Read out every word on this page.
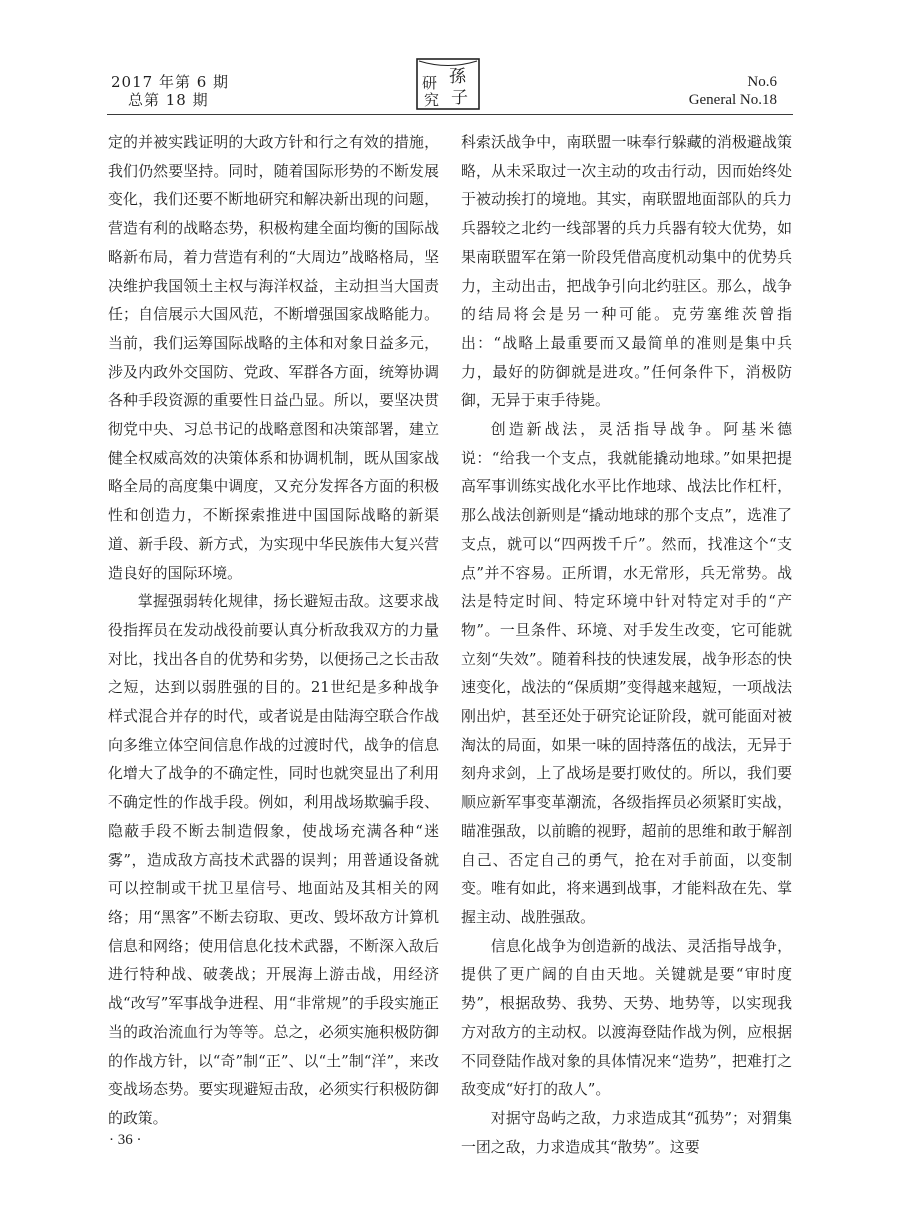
2017 年第 6 期
总第 18 期
研
究
孫
子
No.6
General No.18

定的并被实践证明的大政方针和行之有效的措施，我们仍然要坚持。同时，随着国际形势的不断发展变化，我们还要不断地研究和解决新出现的问题，营造有利的战略态势，积极构建全面均衡的国际战略新布局，着力营造有利的“大周边”战略格局，坚决维护我国领土主权与海洋权益，主动担当大国责任；自信展示大国风范，不断增强国家战略能力。当前，我们运筹国际战略的主体和对象日益多元，涉及内政外交国防、党政、军群各方面，统筹协调各种手段资源的重要性日益凸显。所以，要坚决贯彻党中央、习总书记的战略意图和决策部署，建立健全权威高效的决策体系和协调机制，既从国家战略全局的高度集中调度，又充分发挥各方面的积极性和创造力，不断探索推进中国国际战略的新渠道、新手段、新方式，为实现中华民族伟大复兴营造良好的国际环境。

掌握强弱转化规律，扬长避短击敌。这要求战役指挥员在发动战役前要认真分析敌我双方的力量对比，找出各自的优势和劣势，以便扬己之长击敌之短，达到以弱胜强的目的。21世纪是多种战争样式混合并存的时代，或者说是由陆海空联合作战向多维立体空间信息作战的过渡时代，战争的信息化增大了战争的不确定性，同时也就突显出了利用不确定性的作战手段。例如，利用战场欺骗手段、隐蔽手段不断去制造假象，使战场充满各种“迷雾”，造成敌方高技术武器的误判；用普通设备就可以控制或干扰卫星信号、地面站及其相关的网络；用“黑客”不断去窃取、更改、毁坏敌方计算机信息和网络；使用信息化技术武器，不断深入敌后进行特种战、破袭战；开展海上游击战，用经济战“改写”军事战争进程、用“非常规”的手段实施正当的政治流血行为等等。总之，必须实施积极防御的作战方针，以“奇”制“正”、以“土”制“洋”，来改变战场态势。要实现避短击敌，必须实行积极防御的政策。

科索沃战争中，南联盟一味奉行躲藏的消极避战策略，从未采取过一次主动的攻击行动，因而始终处于被动挨打的境地。其实，南联盟地面部队的兵力兵器较之北约一线部署的兵力兵器有较大优势，如果南联盟军在第一阶段凭借高度机动集中的优势兵力，主动出击，把战争引向北约驻区。那么，战争的结局将会是另一种可能。克劳塞维茨曾指出：“战略上最重要而又最简单的准则是集中兵力，最好的防御就是进攻。”任何条件下，消极防御，无异于束手待毙。

创造新战法，灵活指导战争。阿基米德说：“给我一个支点，我就能撬动地球。”如果把提高军事训练实战化水平比作地球、战法比作杠杆，那么战法创新则是“撬动地球的那个支点”，选准了支点，就可以“四两拨千斤”。然而，找准这个“支点”并不容易。正所谓，水无常形，兵无常势。战法是特定时间、特定环境中针对特定对手的“产物”。一旦条件、环境、对手发生改变，它可能就立刻“失效”。随着科技的快速发展，战争形态的快速变化，战法的“保质期”变得越来越短，一项战法刚出炉，甚至还处于研究论证阶段，就可能面对被淘汰的局面，如果一味的固持落伍的战法，无异于刻舟求剑，上了战场是要打败仗的。所以，我们要顺应新军事变革潮流，各级指挥员必须紧盯实战，瞄准强敌，以前瞻的视野，超前的思维和敢于解剖自己、否定自己的勇气，抢在对手前面，以变制变。唯有如此，将来遇到战事，才能料敌在先、掌握主动、战胜强敌。

信息化战争为创造新的战法、灵活指导战争，提供了更广阔的自由天地。关键就是要“审时度势”，根据敌势、我势、天势、地势等，以实现我方对敌方的主动权。以渡海登陆作战为例，应根据不同登陆作战对象的具体情况来“造势”，把难打之敌变成“好打的敌人”。

对据守岛屿之敌，力求造成其“孤势”；对猬集一团之敌，力求造成其“散势”。这要

· 36 ·
